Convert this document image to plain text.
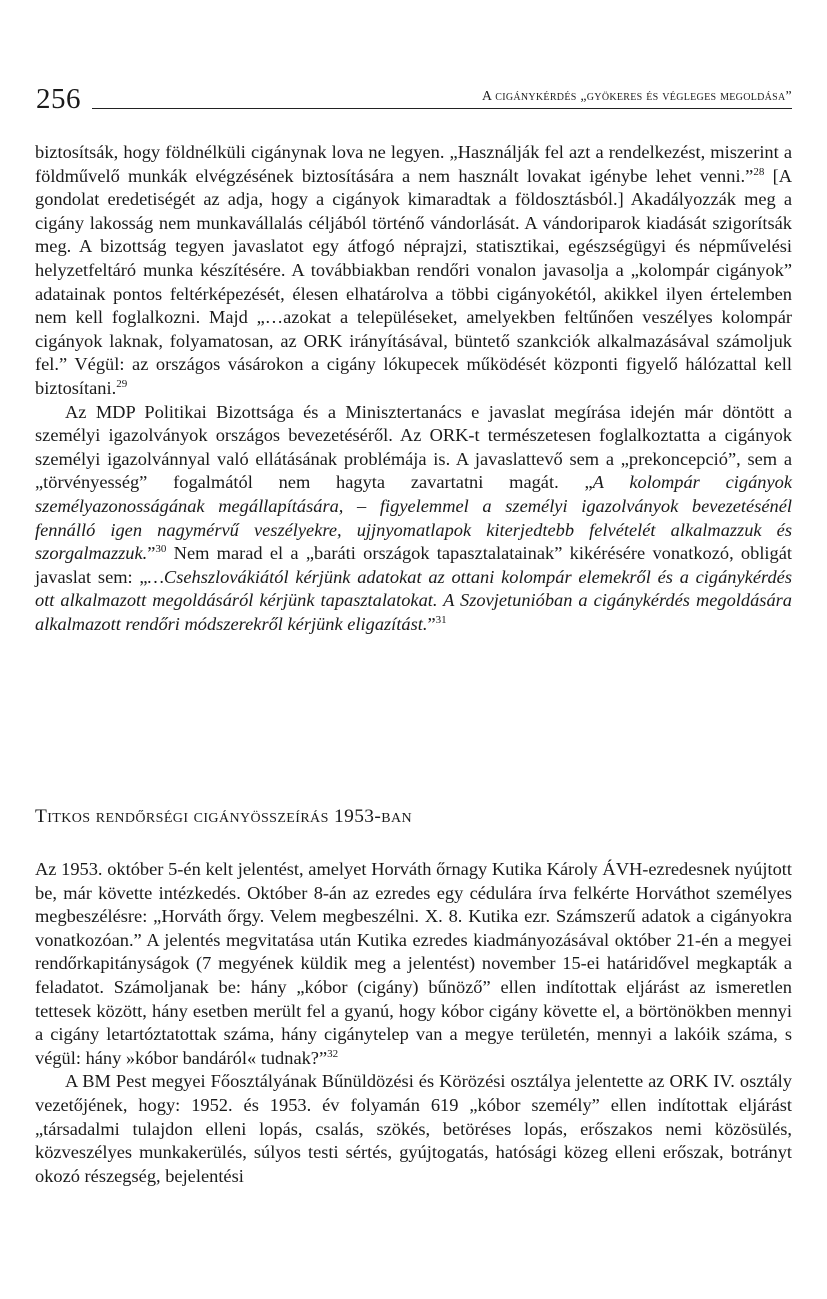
256	A cigánykérdés „gyökeres és végleges megoldása”

biztosítsák, hogy földnélküli cigánynak lova ne legyen. „Használják fel azt a rendelkezést, miszerint a földművelő munkák elvégzésének biztosítására a nem használt lovakat igénybe lehet venni.”$^{28}$ [A gondolat eredetiségét az adja, hogy a cigányok kimaradtak a földosztásból.] Akadályozzák meg a cigány lakosság nem munkavállalás céljából történő vándorlását. A vándoriparok kiadását szigorítsák meg. A bizottság tegyen javaslatot egy átfogó néprajzi, statisztikai, egészségügyi és népművelési helyzetfeltáró munka készítésére. A továbbiakban rendőri vonalon javasolja a „kolompár cigányok” adatainak pontos feltérképezését, élesen elhatárolva a többi cigányokétól, akikkel ilyen értelemben nem kell foglalkozni. Majd „…azokat a településeket, amelyekben feltűnően veszélyes kolompár cigányok laknak, folyamatosan, az ORK irányításával, büntető szankciók alkalmazásával számoljuk fel.” Végül: az országos vásárokon a cigány lókupecek működését központi figyelő hálózattal kell biztosítani.$^{29}$

Az MDP Politikai Bizottsága és a Minisztertanács e javaslat megírása idején már döntött a személyi igazolványok országos bevezetéséről. Az ORK-t természetesen foglalkoztatta a cigányok személyi igazolvánnyal való ellátásának problémája is. A javaslattevő sem a „prekoncepció”, sem a „törvényesség” fogalmától nem hagyta zavartatni magát. „A kolompár cigányok személyazonosságának megállapítására, – figyelemmel a személyi igazolványok bevezetésénél fennálló igen nagymérvű veszélyekre, ujjnyomatlapok kiterjedtebb felvételét alkalmazzuk és szorgalmazzuk.”$^{30}$ Nem marad el a „baráti országok tapasztalatainak” kikérésére vonatkozó, obligát javaslat sem: „…Csehszlovákiától kérjünk adatokat az ottani kolompár elemekről és a cigánykérdés ott alkalmazott megoldásáról kérjünk tapasztalatokat. A Szovjetunióban a cigánykérdés megoldására alkalmazott rendőri módszerekről kérjünk eligazítást.”$^{31}$

Titkos rendőrségi cigányösszeírás 1953-ban

Az 1953. október 5-én kelt jelentést, amelyet Horváth őrnagy Kutika Károly ÁVH-ezredesnek nyújtott be, már követte intézkedés. Október 8-án az ezredes egy cédulára írva felkérte Horváthot személyes megbeszélésre: „Horváth őrgy. Velem megbeszélni. X. 8. Kutika ezr. Számszerű adatok a cigányokra vonatkozóan.” A jelentés megvitatása után Kutika ezredes kiadmányozásával október 21-én a megyei rendőrkapitányságok (7 megyének küldik meg a jelentést) november 15-ei határidővel megkapták a feladatot. Számoljanak be: hány „kóbor (cigány) bűnöző” ellen indítottak eljárást az ismeretlen tettesek között, hány esetben merült fel a gyanú, hogy kóbor cigány követte el, a börtönökben mennyi a cigány letartóztatottak száma, hány cigánytelep van a megye területén, mennyi a lakóik száma, s végül: hány »kóbor bandáról« tudnak?”$^{32}$

A BM Pest megyei Főosztályának Bűnüldözési és Körözési osztálya jelentette az ORK IV. osztály vezetőjének, hogy: 1952. és 1953. év folyamán 619 „kóbor személy” ellen indítottak eljárást „társadalmi tulajdon elleni lopás, csalás, szökés, betöréses lopás, erőszakos nemi közösülés, közveszélyes munkakerülés, súlyos testi sértés, gyújtogatás, hatósági közeg elleni erőszak, botrányt okozó részegség, bejelentési
